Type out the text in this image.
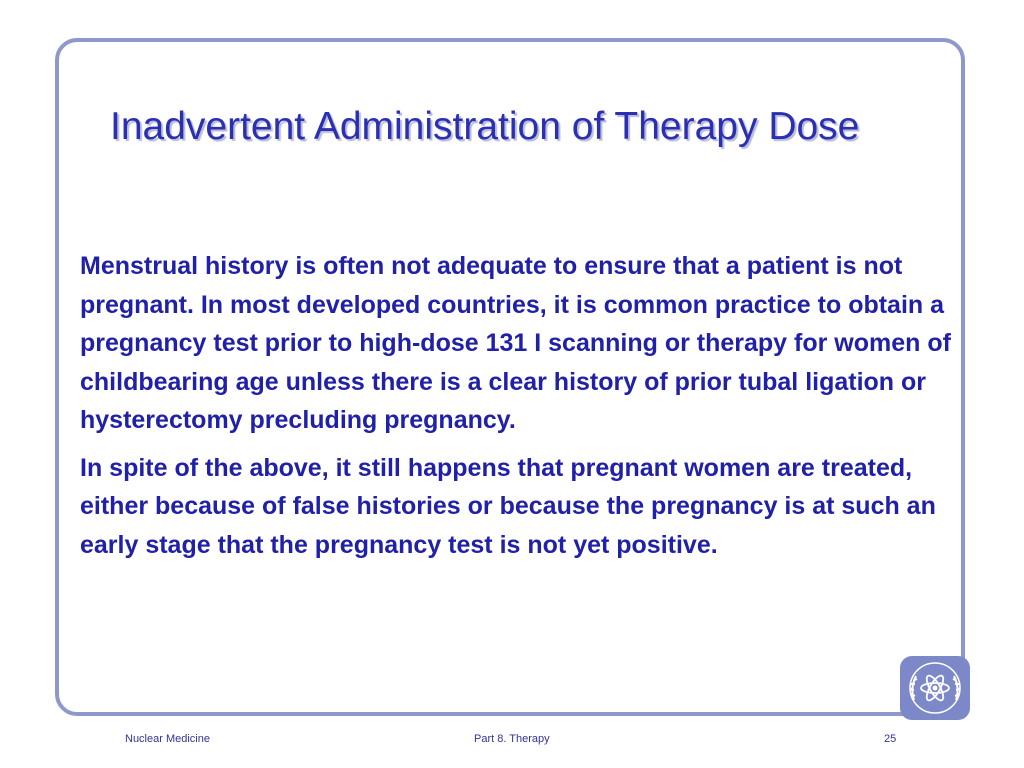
Inadvertent Administration of Therapy Dose

Menstrual history is often not adequate to ensure that a patient is not pregnant. In most developed countries, it is common practice to obtain a pregnancy test prior to high-dose 131 I scanning or therapy for women of childbearing age unless there is a clear history of prior tubal ligation or hysterectomy precluding pregnancy.

In spite of the above, it still happens that pregnant women are treated, either because of false histories or because the pregnancy is at such an early stage that the pregnancy test is not yet positive.

Nuclear Medicine	Part 8. Therapy	25
